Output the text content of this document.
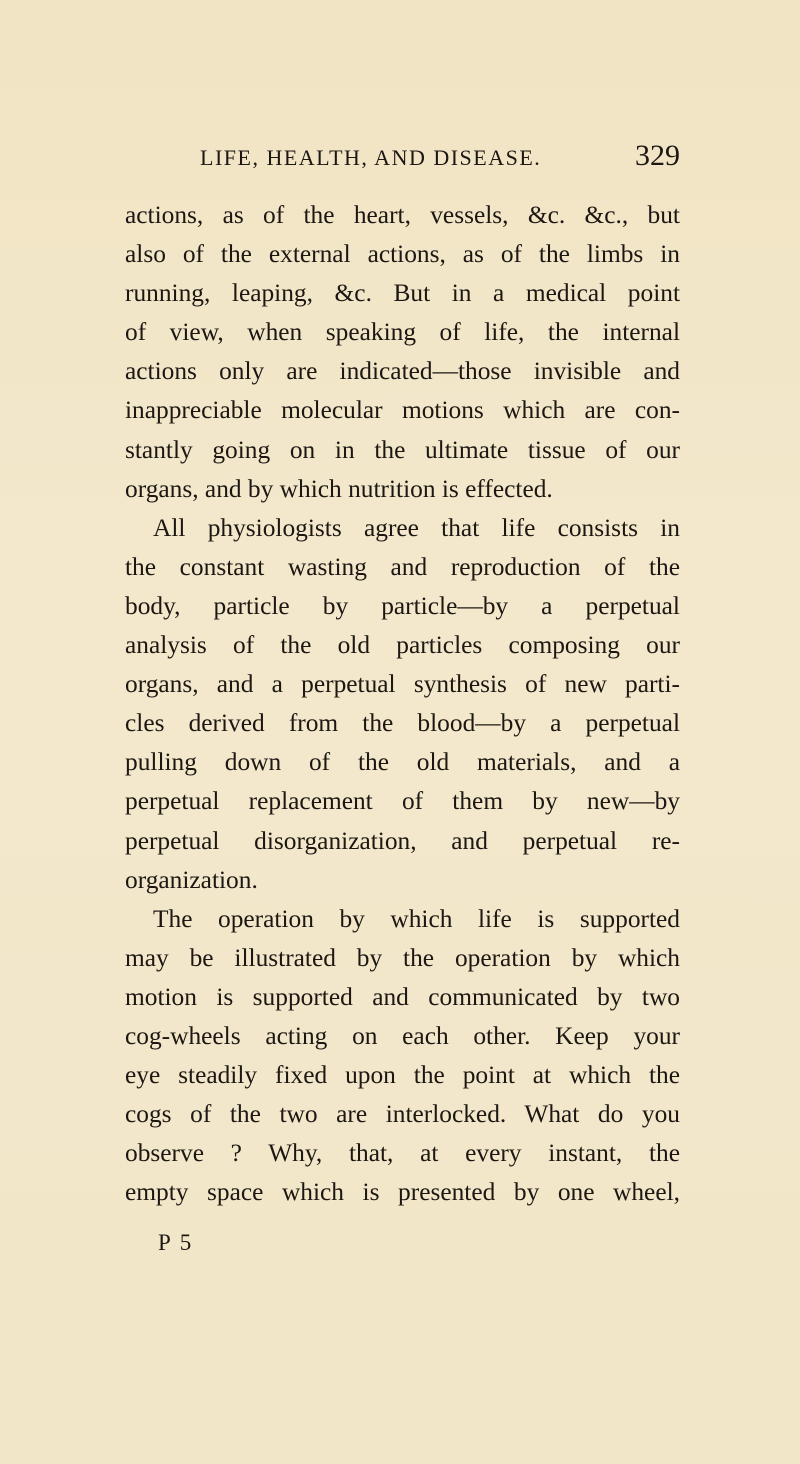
LIFE, HEALTH, AND DISEASE.	329
actions, as of the heart, vessels, &c. &c., but
also of the external actions, as of the limbs in
running, leaping, &c. But in a medical point
of view, when speaking of life, the internal
actions only are indicated—those invisible and
inappreciable molecular motions which are con-
stantly going on in the ultimate tissue of our
organs, and by which nutrition is effected.
All physiologists agree that life consists in
the constant wasting and reproduction of the
body, particle by particle—by a perpetual
analysis of the old particles composing our
organs, and a perpetual synthesis of new parti-
cles derived from the blood—by a perpetual
pulling down of the old materials, and a
perpetual replacement of them by new—by
perpetual disorganization, and perpetual re-
organization.
The operation by which life is supported
may be illustrated by the operation by which
motion is supported and communicated by two
cog-wheels acting on each other. Keep your
eye steadily fixed upon the point at which the
cogs of the two are interlocked. What do you
observe ? Why, that, at every instant, the
empty space which is presented by one wheel,
P 5
